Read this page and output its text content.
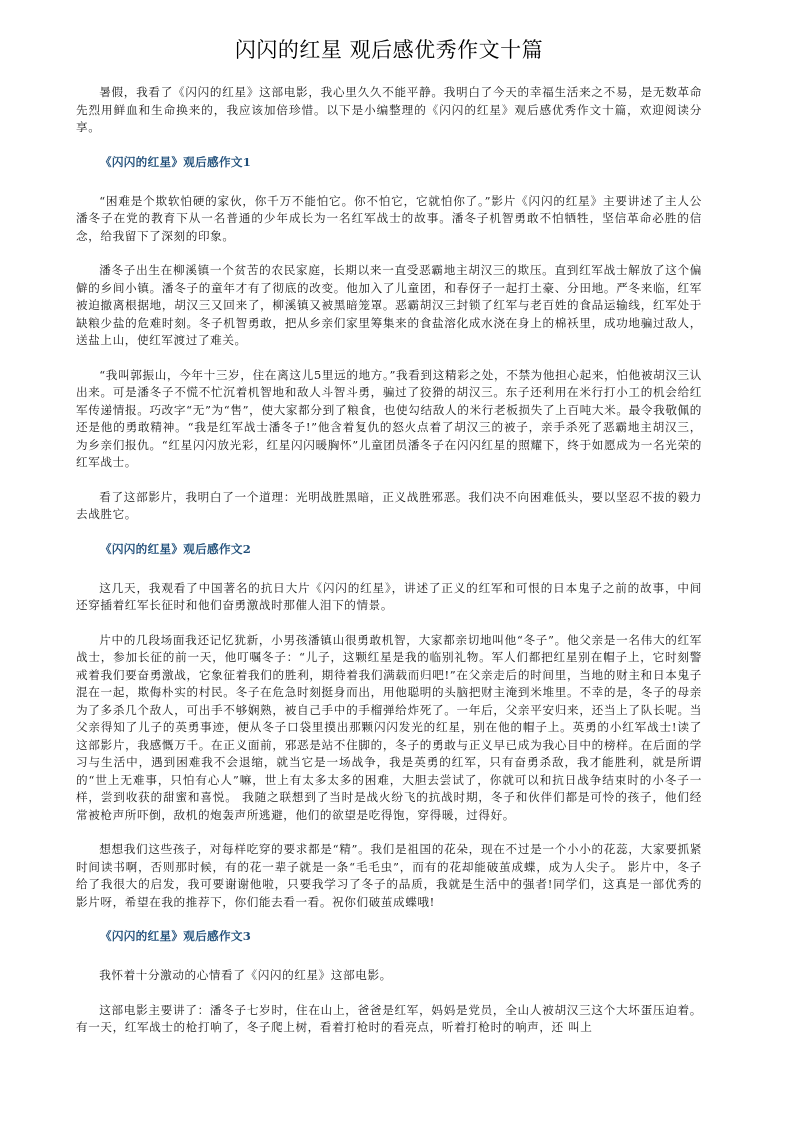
闪闪的红星 观后感优秀作文十篇

暑假，我看了《闪闪的红星》这部电影，我心里久久不能平静。我明白了今天的幸福生活来之不易，是无数革命先烈用鲜血和生命换来的，我应该加倍珍惜。以下是小编整理的《闪闪的红星》观后感优秀作文十篇，欢迎阅读分享。

《闪闪的红星》观后感作文1

“困难是个欺软怕硬的家伙，你千万不能怕它。你不怕它，它就怕你了。”影片《闪闪的红星》主要讲述了主人公潘冬子在党的教育下从一名普通的少年成长为一名红军战士的故事。潘冬子机智勇敢不怕牺牲，坚信革命必胜的信念，给我留下了深刻的印象。

潘冬子出生在柳溪镇一个贫苦的农民家庭，长期以来一直受恶霸地主胡汉三的欺压。直到红军战士解放了这个偏僻的乡间小镇。潘冬子的童年才有了彻底的改变。他加入了儿童团，和春伢子一起打土豪、分田地。严冬来临，红军被迫撤离根据地，胡汉三又回来了，柳溪镇又被黑暗笼罩。恶霸胡汉三封锁了红军与老百姓的食品运输线，红军处于缺粮少盐的危难时刻。冬子机智勇敢，把从乡亲们家里筹集来的食盐溶化成水浇在身上的棉袄里，成功地骗过敌人，送盐上山，使红军渡过了难关。

“我叫郭振山，今年十三岁，住在离这儿5里远的地方。”我看到这精彩之处，不禁为他担心起来，怕他被胡汉三认出来。可是潘冬子不慌不忙沉着机智地和敌人斗智斗勇，骗过了狡猾的胡汉三。东子还利用在米行打小工的机会给红军传递情报。巧改字“无”为“售”，使大家都分到了粮食，也使勾结敌人的米行老板损失了上百吨大米。最令我敬佩的还是他的勇敢精神。“我是红军战士潘冬子!”他含着复仇的怒火点着了胡汉三的被子，亲手杀死了恶霸地主胡汉三，为乡亲们报仇。“红星闪闪放光彩，红星闪闪暖胸怀”儿童团员潘冬子在闪闪红星的照耀下，终于如愿成为一名光荣的红军战士。

看了这部影片，我明白了一个道理：光明战胜黑暗，正义战胜邪恶。我们决不向困难低头，要以坚忍不拔的毅力去战胜它。

《闪闪的红星》观后感作文2

这几天，我观看了中国著名的抗日大片《闪闪的红星》，讲述了正义的红军和可恨的日本鬼子之前的故事，中间还穿插着红军长征时和他们奋勇激战时那催人泪下的情景。

片中的几段场面我还记忆犹新，小男孩潘镇山很勇敢机智，大家都亲切地叫他“冬子”。他父亲是一名伟大的红军战士，参加长征的前一天，他叮嘱冬子：“儿子，这颗红星是我的临别礼物。军人们都把红星别在帽子上，它时刻警戒着我们要奋勇激战，它象征着我们的胜利，期待着我们满载而归吧!”在父亲走后的时间里，当地的财主和日本鬼子混在一起，欺侮朴实的村民。冬子在危急时刻挺身而出，用他聪明的头脑把财主淹到米堆里。不幸的是，冬子的母亲为了多杀几个敌人，可出手不够娴熟，被自己手中的手榴弹给炸死了。一年后，父亲平安归来，还当上了队长呢。当父亲得知了儿子的英勇事迹，便从冬子口袋里摸出那颗闪闪发光的红星，别在他的帽子上。英勇的小红军战士!读了这部影片，我感慨万千。在正义面前，邪恶是站不住脚的，冬子的勇敢与正义早已成为我心目中的榜样。在后面的学习与生活中，遇到困难我不会退缩，就当它是一场战争，我是英勇的红军，只有奋勇杀敌，我才能胜利，就是所谓的“世上无难事，只怕有心人”嘛，世上有太多太多的困难，大胆去尝试了，你就可以和抗日战争结束时的小冬子一样，尝到收获的甜蜜和喜悦。 我随之联想到了当时是战火纷飞的抗战时期，冬子和伙伴们都是可怜的孩子，他们经常被枪声所吓倒，敌机的炮轰声所逃避，他们的欲望是吃得饱，穿得暖，过得好。

想想我们这些孩子，对每样吃穿的要求都是“精”。我们是祖国的花朵，现在不过是一个小小的花蕊，大家要抓紧时间读书啊，否则那时候，有的花一辈子就是一条“毛毛虫”，而有的花却能破茧成蝶，成为人尖子。 影片中，冬子给了我很大的启发，我可要谢谢他啦，只要我学习了冬子的品质，我就是生活中的强者!同学们，这真是一部优秀的影片呀，希望在我的推荐下，你们能去看一看。祝你们破茧成蝶哦!

《闪闪的红星》观后感作文3

我怀着十分激动的心情看了《闪闪的红星》这部电影。

这部电影主要讲了：潘冬子七岁时，住在山上，爸爸是红军，妈妈是党员，全山人被胡汉三这个大坏蛋压迫着。有一天，红军战士的枪打响了，冬子爬上树，看着打枪时的看亮点，听着打枪时的响声，还 叫上
